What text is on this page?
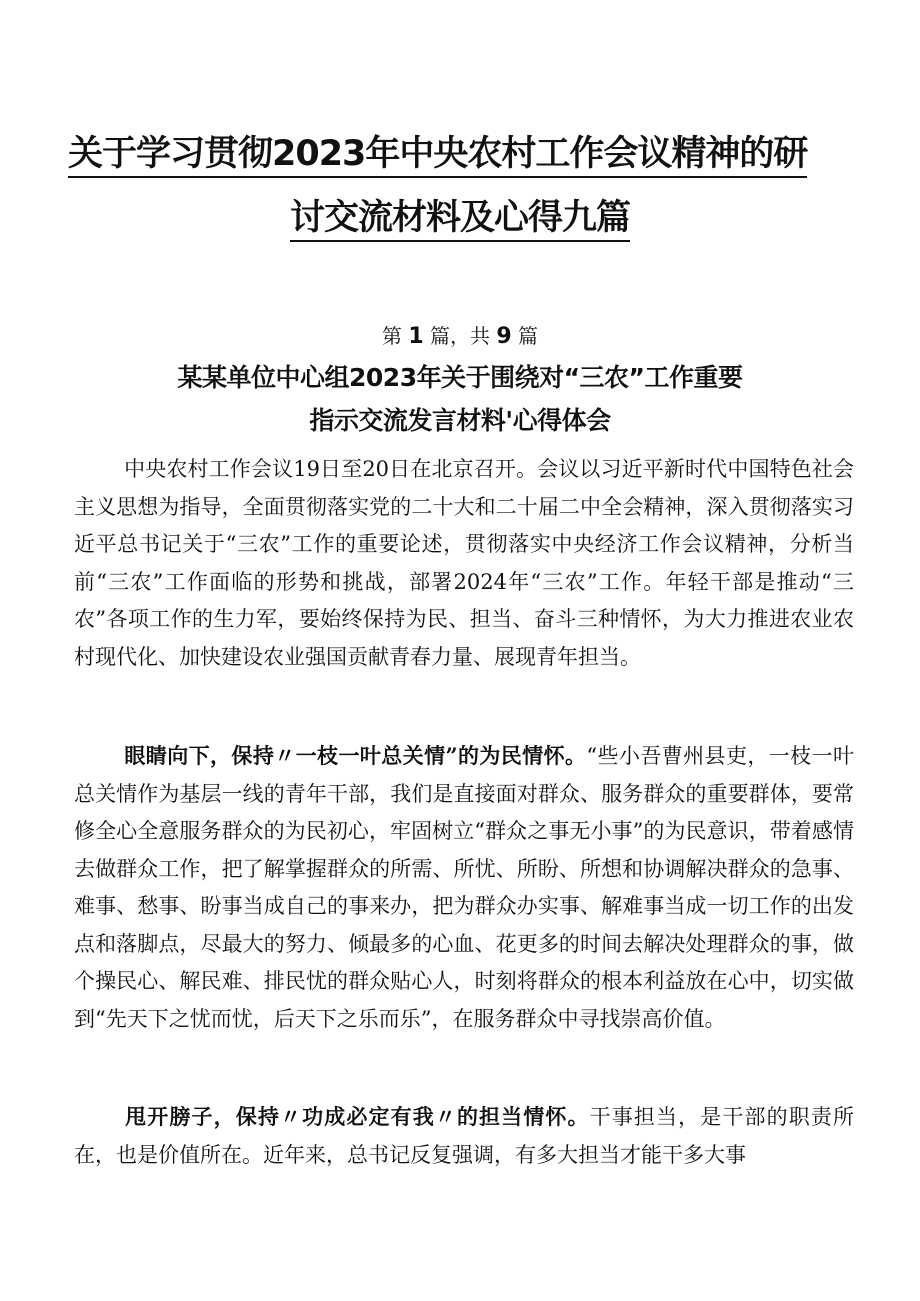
关于学习贯彻2023年中央农村工作会议精神的研
讨交流材料及心得九篇
第 1 篇，共 9 篇
某某单位中心组2023年关于围绕对“三农”工作重要
指示交流发言材料'心得体会

中央农村工作会议19日至20日在北京召开。会议以习近平新时代中国特色社会主义思想为指导，全面贯彻落实党的二十大和二十届二中全会精神，深入贯彻落实习近平总书记关于“三农”工作的重要论述，贯彻落实中央经济工作会议精神，分析当前“三农”工作面临的形势和挑战，部署2024年“三农”工作。年轻干部是推动“三农”各项工作的生力军，要始终保持为民、担当、奋斗三种情怀，为大力推进农业农村现代化、加快建设农业强国贡献青春力量、展现青年担当。

眼睛向下，保持〃一枝一叶总关情”的为民情怀。“些小吾曹州县吏，一枝一叶总关情作为基层一线的青年干部，我们是直接面对群众、服务群众的重要群体，要常修全心全意服务群众的为民初心，牢固树立“群众之事无小事”的为民意识，带着感情去做群众工作，把了解掌握群众的所需、所忧、所盼、所想和协调解决群众的急事、难事、愁事、盼事当成自己的事来办，把为群众办实事、解难事当成一切工作的出发点和落脚点，尽最大的努力、倾最多的心血、花更多的时间去解决处理群众的事，做个操民心、解民难、排民忧的群众贴心人，时刻将群众的根本利益放在心中，切实做到“先天下之忧而忧，后天下之乐而乐”，在服务群众中寻找崇高价值。

甩开膀子，保持〃功成必定有我〃的担当情怀。干事担当，是干部的职责所在，也是价值所在。近年来，总书记反复强调，有多大担当才能干多大事
